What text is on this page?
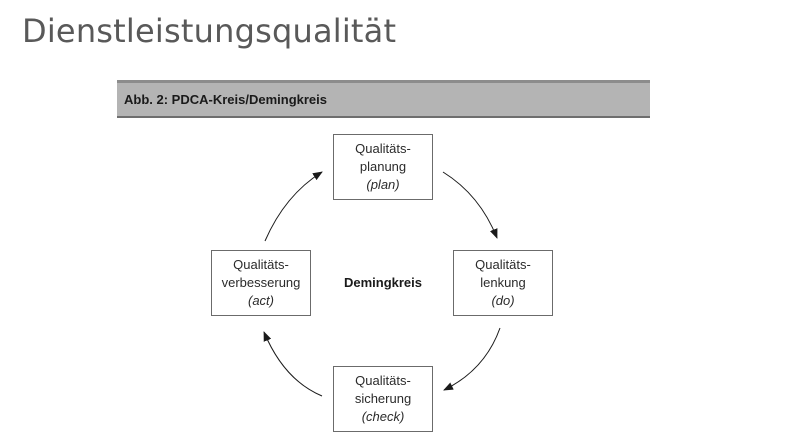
Dienstleistungsqualität
Abb. 2: PDCA-Kreis/Demingkreis
Qualitäts-
planung
(plan)
Qualitäts-
lenkung
(do)
Qualitäts-
sicherung
(check)
Qualitäts-
verbesserung
(act)
Demingkreis
